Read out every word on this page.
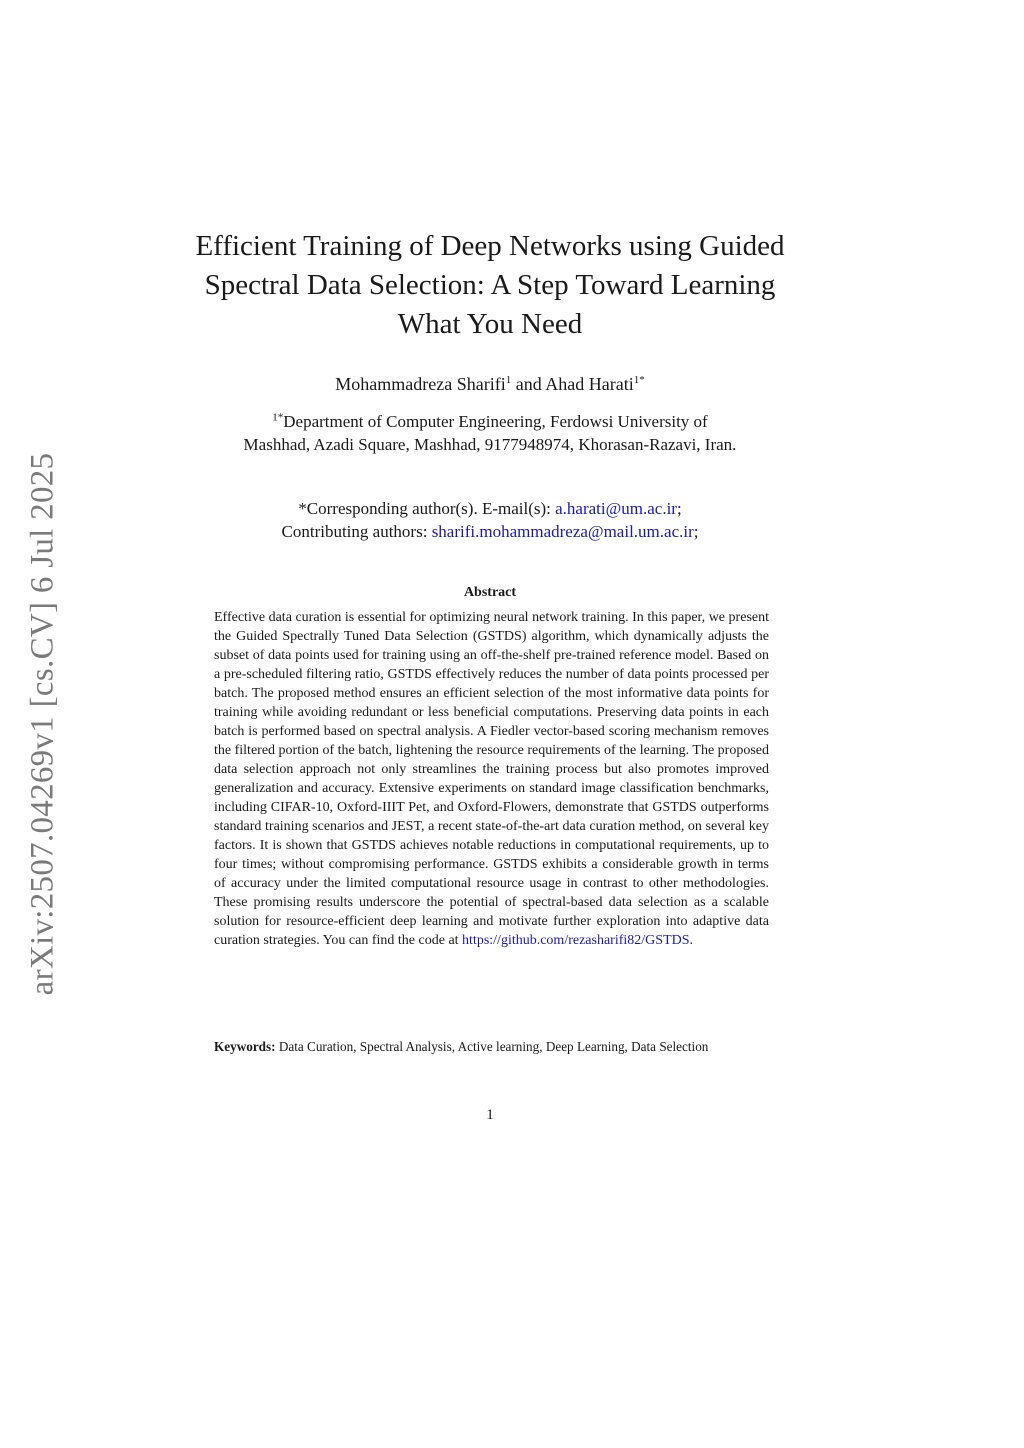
arXiv:2507.04269v1 [cs.CV] 6 Jul 2025
Efficient Training of Deep Networks using Guided
Spectral Data Selection: A Step Toward Learning
What You Need
Mohammadreza Sharifi$^1$ and Ahad Harati$^{1*}$
$^{1*}$Department of Computer Engineering, Ferdowsi University of
Mashhad, Azadi Square, Mashhad, 9177948974, Khorasan-Razavi, Iran.
*Corresponding author(s). E-mail(s): a.harati@um.ac.ir;
Contributing authors: sharifi.mohammadreza@mail.um.ac.ir;
Abstract

Effective data curation is essential for optimizing neural network training. In this paper, we present the Guided Spectrally Tuned Data Selection (GSTDS) algorithm, which dynamically adjusts the subset of data points used for training using an off-the-shelf pre-trained reference model. Based on a pre-scheduled filtering ratio, GSTDS effectively reduces the number of data points processed per batch. The proposed method ensures an efficient selection of the most informative data points for training while avoiding redundant or less beneficial computations. Preserving data points in each batch is performed based on spectral analysis. A Fiedler vector-based scoring mechanism removes the filtered portion of the batch, lightening the resource requirements of the learning. The proposed data selection approach not only streamlines the training process but also promotes improved generalization and accuracy. Extensive experiments on standard image classification benchmarks, including CIFAR-10, Oxford-IIIT Pet, and Oxford-Flowers, demonstrate that GSTDS outperforms standard training scenarios and JEST, a recent state-of-the-art data curation method, on several key factors. It is shown that GSTDS achieves notable reductions in computational requirements, up to four times; without compromising performance. GSTDS exhibits a considerable growth in terms of accuracy under the limited computational resource usage in contrast to other methodologies. These promising results underscore the potential of spectral-based data selection as a scalable solution for resource-efficient deep learning and motivate further exploration into adaptive data curation strategies. You can find the code at https://github.com/rezasharifi82/GSTDS.

Keywords: Data Curation, Spectral Analysis, Active learning, Deep Learning, Data Selection
1
